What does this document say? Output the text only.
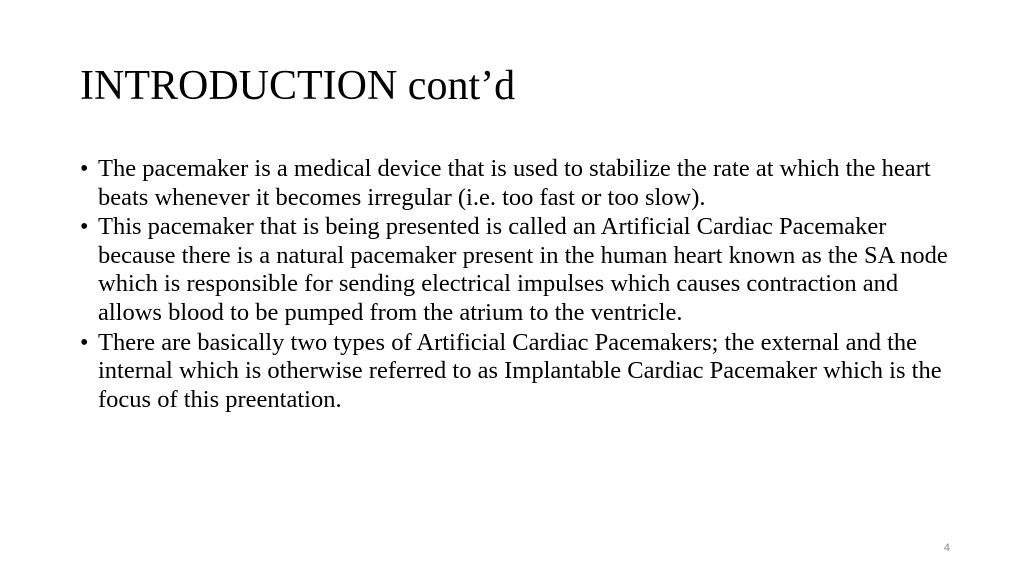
INTRODUCTION cont’d
• The pacemaker is a medical device that is used to stabilize the rate at which the heart beats whenever it becomes irregular (i.e. too fast or too slow).
• This pacemaker that is being presented is called an Artificial Cardiac Pacemaker because there is a natural pacemaker present in the human heart known as the SA node which is responsible for sending electrical impulses which causes contraction and allows blood to be pumped from the atrium to the ventricle.
• There are basically two types of Artificial Cardiac Pacemakers; the external and the internal which is otherwise referred to as Implantable Cardiac Pacemaker which is the focus of this preentation.
4
